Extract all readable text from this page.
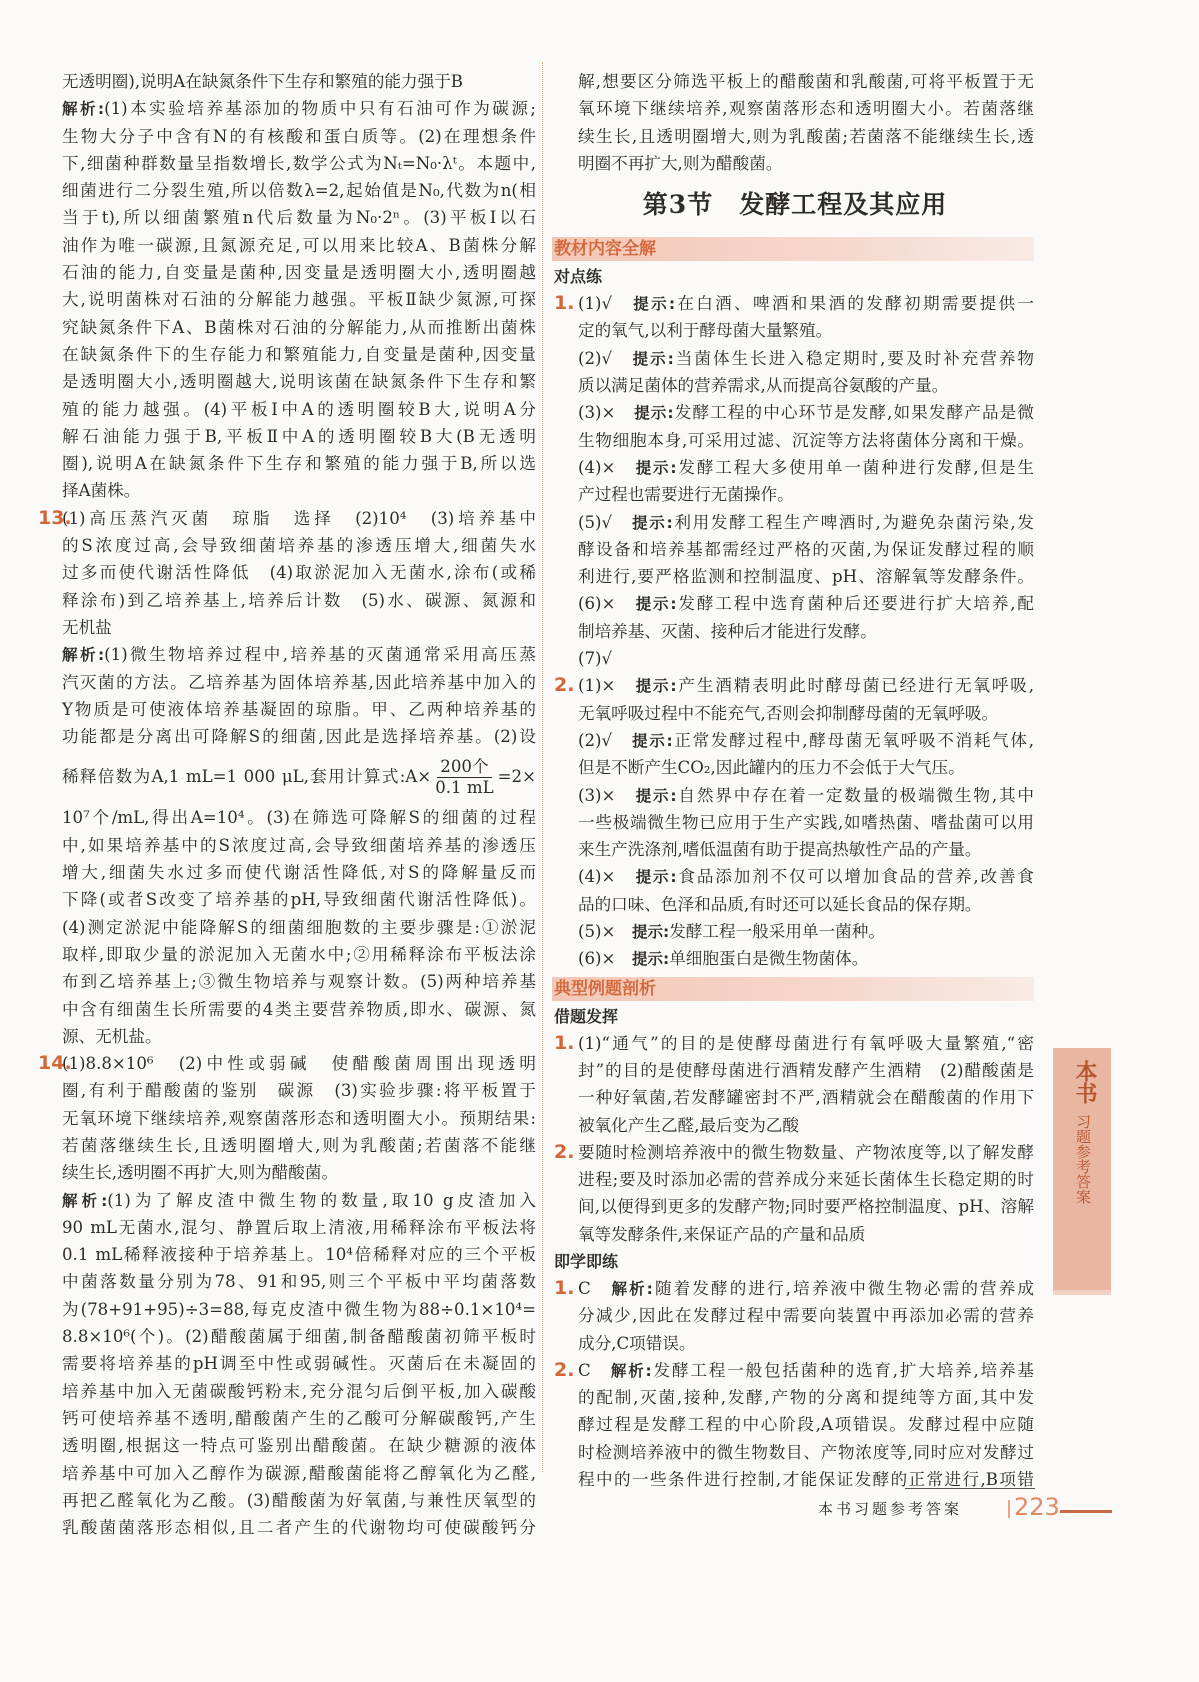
无透明圈),说明A在缺氮条件下生存和繁殖的能力强于B
解析:(1)本实验培养基添加的物质中只有石油可作为碳源;
生物大分子中含有N的有核酸和蛋白质等。(2)在理想条件
下,细菌种群数量呈指数增长,数学公式为Nₜ=N₀·λᵗ。本题中,
细菌进行二分裂生殖,所以倍数λ=2,起始值是N₀,代数为n(相
当于t),所以细菌繁殖n代后数量为N₀·2ⁿ。(3)平板Ⅰ以石
油作为唯一碳源,且氮源充足,可以用来比较A、B菌株分解
石油的能力,自变量是菌种,因变量是透明圈大小,透明圈越
大,说明菌株对石油的分解能力越强。平板Ⅱ缺少氮源,可探
究缺氮条件下A、B菌株对石油的分解能力,从而推断出菌株
在缺氮条件下的生存能力和繁殖能力,自变量是菌种,因变量
是透明圈大小,透明圈越大,说明该菌在缺氮条件下生存和繁
殖的能力越强。(4)平板Ⅰ中A的透明圈较B大,说明A分
解石油能力强于B,平板Ⅱ中A的透明圈较B大(B无透明
圈),说明A在缺氮条件下生存和繁殖的能力强于B,所以选
择A菌株。
13.
(1)高压蒸汽灭菌　琼脂　选择　(2)10⁴　(3)培养基中
的S浓度过高,会导致细菌培养基的渗透压增大,细菌失水
过多而使代谢活性降低　(4)取淤泥加入无菌水,涂布(或稀
释涂布)到乙培养基上,培养后计数　(5)水、碳源、氮源和
无机盐
解析:(1)微生物培养过程中,培养基的灭菌通常采用高压蒸
汽灭菌的方法。乙培养基为固体培养基,因此培养基中加入的
Y物质是可使液体培养基凝固的琼脂。甲、乙两种培养基的
功能都是分离出可降解S的细菌,因此是选择培养基。(2)设
稀释倍数为A,1 mL=1 000 μL,套用计算式:A× $\frac{\text{200个}}{0.1 mL} =2\times$
10⁷个/mL,得出A=10⁴。(3)在筛选可降解S的细菌的过程
中,如果培养基中的S浓度过高,会导致细菌培养基的渗透压
增大,细菌失水过多而使代谢活性降低,对S的降解量反而
下降(或者S改变了培养基的pH,导致细菌代谢活性降低)。
(4)测定淤泥中能降解S的细菌细胞数的主要步骤是:①淤泥
取样,即取少量的淤泥加入无菌水中;②用稀释涂布平板法涂
布到乙培养基上;③微生物培养与观察计数。(5)两种培养基
中含有细菌生长所需要的4类主要营养物质,即水、碳源、氮
源、无机盐。
14.
(1)8.8×10⁶　(2)中性或弱碱　使醋酸菌周围出现透明
圈,有利于醋酸菌的鉴别　碳源　(3)实验步骤:将平板置于
无氧环境下继续培养,观察菌落形态和透明圈大小。预期结果:
若菌落继续生长,且透明圈增大,则为乳酸菌;若菌落不能继
续生长,透明圈不再扩大,则为醋酸菌。
解析:(1)为了解皮渣中微生物的数量,取10 g皮渣加入
90 mL无菌水,混匀、静置后取上清液,用稀释涂布平板法将
0.1 mL稀释液接种于培养基上。10⁴倍稀释对应的三个平板
中菌落数量分别为78、91和95,则三个平板中平均菌落数
为(78+91+95)÷3=88,每克皮渣中微生物为88÷0.1×10⁴=
8.8×10⁶(个)。(2)醋酸菌属于细菌,制备醋酸菌初筛平板时
需要将培养基的pH调至中性或弱碱性。灭菌后在未凝固的
培养基中加入无菌碳酸钙粉末,充分混匀后倒平板,加入碳酸
钙可使培养基不透明,醋酸菌产生的乙酸可分解碳酸钙,产生
透明圈,根据这一特点可鉴别出醋酸菌。在缺少糖源的液体
培养基中可加入乙醇作为碳源,醋酸菌能将乙醇氧化为乙醛,
再把乙醛氧化为乙酸。(3)醋酸菌为好氧菌,与兼性厌氧型的
乳酸菌菌落形态相似,且二者产生的代谢物均可使碳酸钙分
解,想要区分筛选平板上的醋酸菌和乳酸菌,可将平板置于无
氧环境下继续培养,观察菌落形态和透明圈大小。若菌落继
续生长,且透明圈增大,则为乳酸菌;若菌落不能继续生长,透
明圈不再扩大,则为醋酸菌。
第3节　发酵工程及其应用
教材内容全解
对点练
1. (1)√　提示:在白酒、啤酒和果酒的发酵初期需要提供一
定的氧气,以利于酵母菌大量繁殖。
(2)√　提示:当菌体生长进入稳定期时,要及时补充营养物
质以满足菌体的营养需求,从而提高谷氨酸的产量。
(3)×　提示:发酵工程的中心环节是发酵,如果发酵产品是微
生物细胞本身,可采用过滤、沉淀等方法将菌体分离和干燥。
(4)×　提示:发酵工程大多使用单一菌种进行发酵,但是生
产过程也需要进行无菌操作。
(5)√　提示:利用发酵工程生产啤酒时,为避免杂菌污染,发
酵设备和培养基都需经过严格的灭菌,为保证发酵过程的顺
利进行,要严格监测和控制温度、pH、溶解氧等发酵条件。
(6)×　提示:发酵工程中选育菌种后还要进行扩大培养,配
制培养基、灭菌、接种后才能进行发酵。
(7)√
2. (1)×　提示:产生酒精表明此时酵母菌已经进行无氧呼吸,
无氧呼吸过程中不能充气,否则会抑制酵母菌的无氧呼吸。
(2)√　提示:正常发酵过程中,酵母菌无氧呼吸不消耗气体,
但是不断产生CO₂,因此罐内的压力不会低于大气压。
(3)×　提示:自然界中存在着一定数量的极端微生物,其中
一些极端微生物已应用于生产实践,如嗜热菌、嗜盐菌可以用
来生产洗涤剂,嗜低温菌有助于提高热敏性产品的产量。
(4)×　提示:食品添加剂不仅可以增加食品的营养,改善食
品的口味、色泽和品质,有时还可以延长食品的保存期。
(5)×　提示:发酵工程一般采用单一菌种。
(6)×　提示:单细胞蛋白是微生物菌体。
典型例题剖析
借题发挥
1. (1)“通气”的目的是使酵母菌进行有氧呼吸大量繁殖,“密
封”的目的是使酵母菌进行酒精发酵产生酒精　(2)醋酸菌是
一种好氧菌,若发酵罐密封不严,酒精就会在醋酸菌的作用下
被氧化产生乙醛,最后变为乙酸
2. 要随时检测培养液中的微生物数量、产物浓度等,以了解发酵
进程;要及时添加必需的营养成分来延长菌体生长稳定期的时
间,以便得到更多的发酵产物;同时要严格控制温度、pH、溶解
氧等发酵条件,来保证产品的产量和品质
即学即练
1. C　解析:随着发酵的进行,培养液中微生物必需的营养成
分减少,因此在发酵过程中需要向装置中再添加必需的营养
成分,C项错误。
2. C　解析:发酵工程一般包括菌种的选育,扩大培养,培养基
的配制,灭菌,接种,发酵,产物的分离和提纯等方面,其中发
酵过程是发酵工程的中心阶段,A项错误。发酵过程中应随
时检测培养液中的微生物数目、产物浓度等,同时应对发酵过
程中的一些条件进行控制,才能保证发酵的正常进行,B项错
本书
习题参考答案
本书习题参考答案 223
